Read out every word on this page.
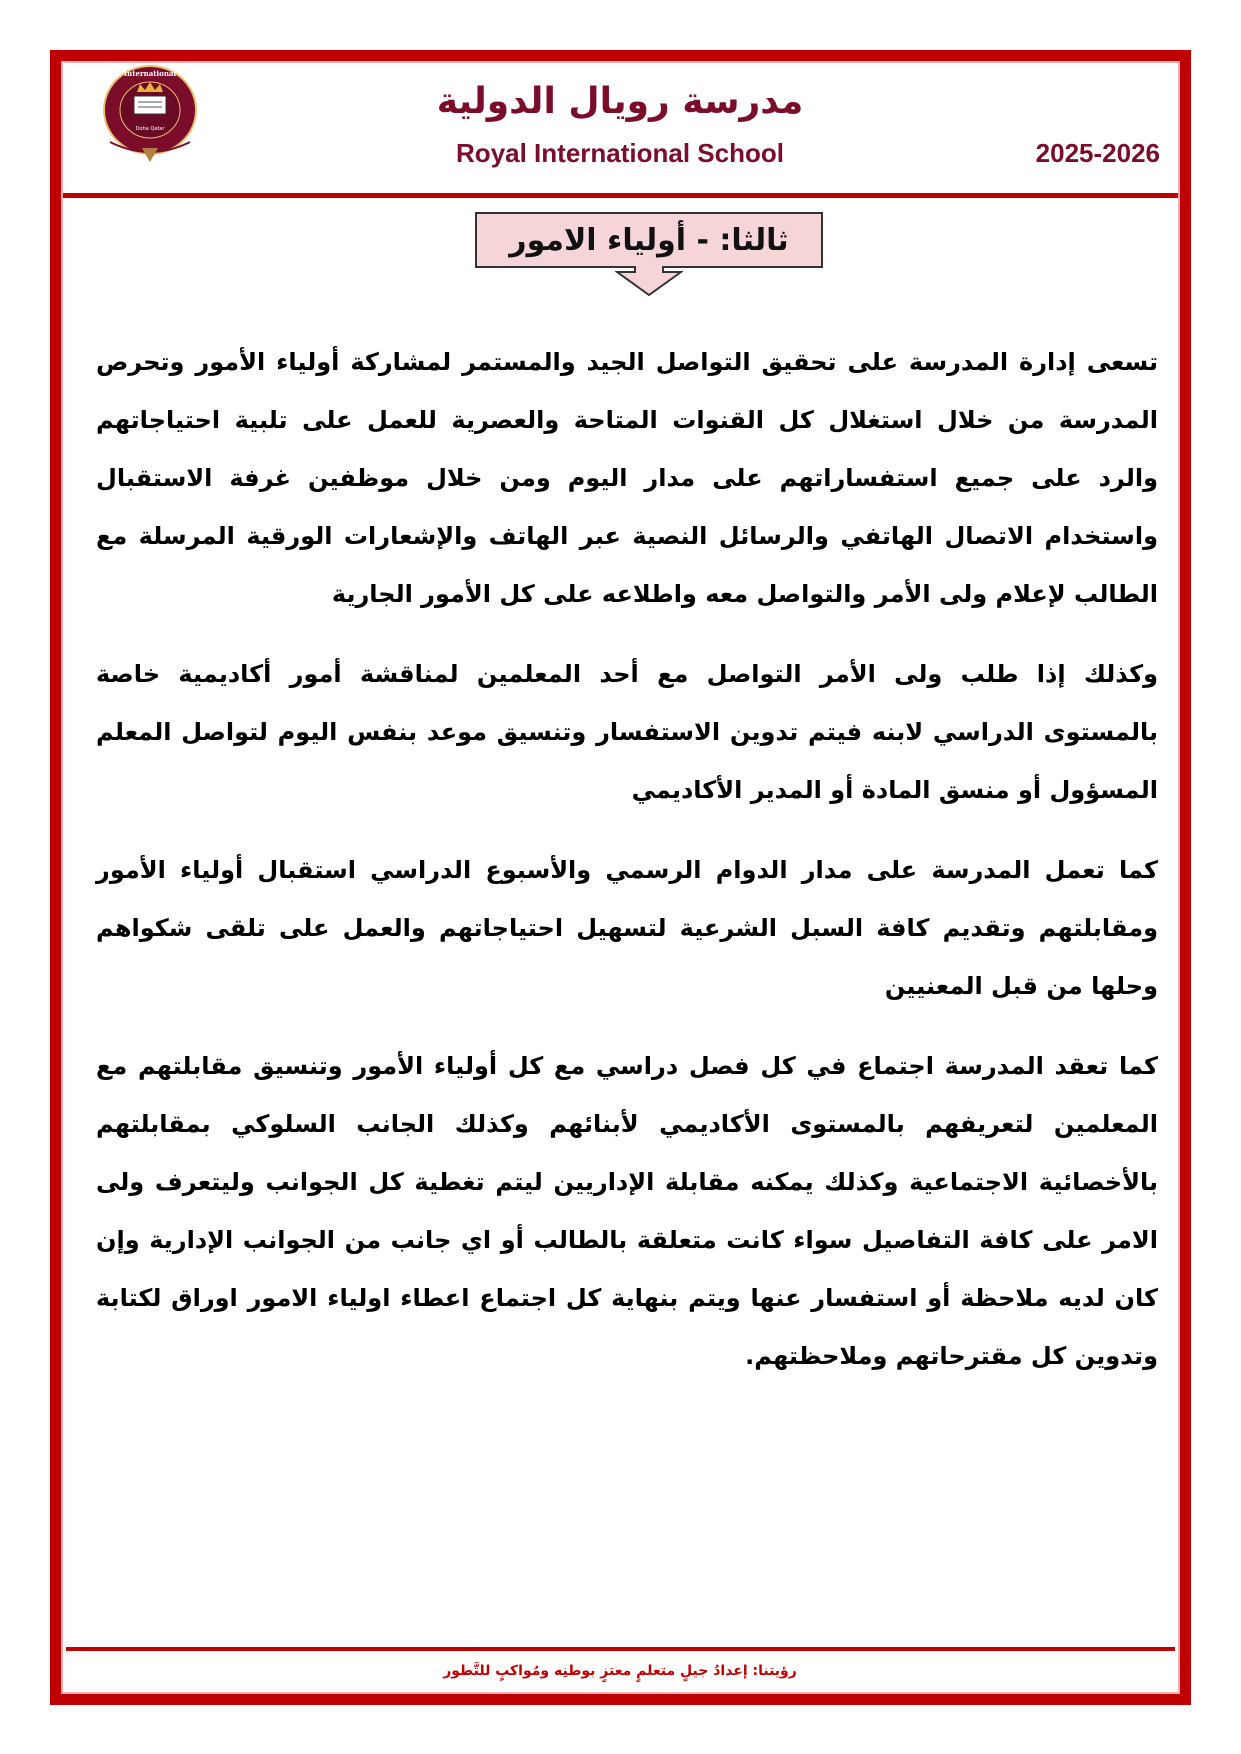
International
Doha Qatar
مدرسة رويال الدولية
Royal International School	2025-2026
ثالثا: - أولياء الامور

تسعى إدارة المدرسة على تحقيق التواصل الجيد والمستمر لمشاركة أولياء الأمور وتحرص المدرسة من خلال استغلال كل القنوات المتاحة والعصرية للعمل على تلبية احتياجاتهم والرد على جميع استفساراتهم على مدار اليوم ومن خلال موظفين غرفة الاستقبال واستخدام الاتصال الهاتفي والرسائل النصية عبر الهاتف والإشعارات الورقية المرسلة مع الطالب لإعلام ولى الأمر والتواصل معه واطلاعه على كل الأمور الجارية

وكذلك إذا طلب ولى الأمر التواصل مع أحد المعلمين لمناقشة أمور أكاديمية خاصة بالمستوى الدراسي لابنه فيتم تدوين الاستفسار وتنسيق موعد بنفس اليوم لتواصل المعلم المسؤول أو منسق المادة أو المدير الأكاديمي

كما تعمل المدرسة على مدار الدوام الرسمي والأسبوع الدراسي استقبال أولياء الأمور ومقابلتهم وتقديم كافة السبل الشرعية لتسهيل احتياجاتهم والعمل على تلقى شكواهم وحلها من قبل المعنيين

كما تعقد المدرسة اجتماع في كل فصل دراسي مع كل أولياء الأمور وتنسيق مقابلتهم مع المعلمين لتعريفهم بالمستوى الأكاديمي لأبنائهم وكذلك الجانب السلوكي بمقابلتهم بالأخصائية الاجتماعية وكذلك يمكنه مقابلة الإداريين ليتم تغطية كل الجوانب وليتعرف ولى الامر على كافة التفاصيل سواء كانت متعلقة بالطالب أو اي جانب من الجوانب الإدارية وإن كان لديه ملاحظة أو استفسار عنها ويتم بنهاية كل اجتماع اعطاء اولياء الامور اوراق لكتابة وتدوين كل مقترحاتهم وملاحظتهم.

رؤيتنا: إعدادُ جيلٍ متعلمٍ معتزٍ بوطنِه ومُواكبٍ للتَّطور
